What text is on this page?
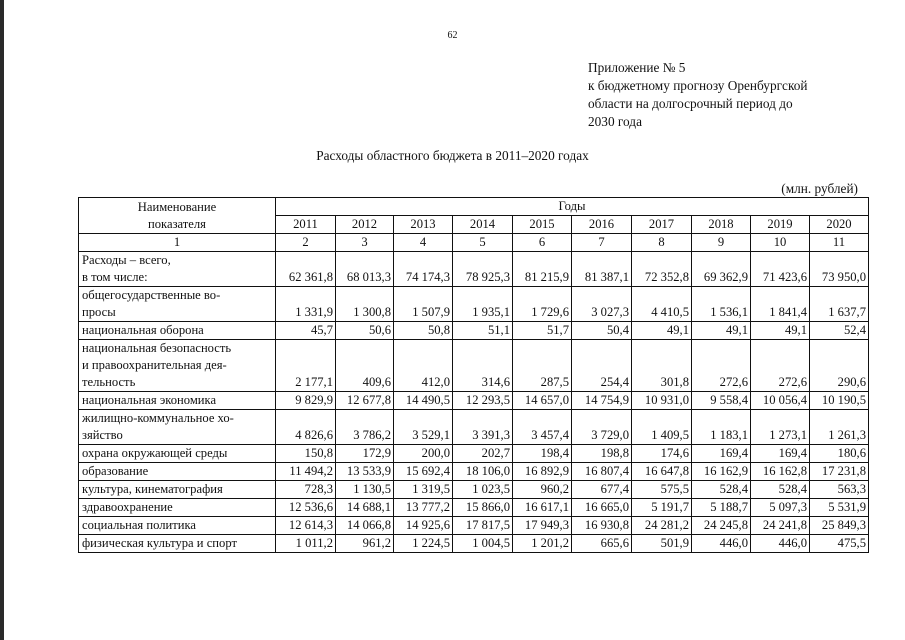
62
Приложение № 5
к бюджетному прогнозу Оренбургской
области на долгосрочный период до
2030 года
Расходы областного бюджета в 2011–2020 годах
(млн. рублей)
Наименование
показателя	Годы									
	2011	2012	2013	2014	2015	2016	2017	2018	2019	2020
1	2	3	4	5	6	7	8	9	10	11

Расходы – всего,
в том числе:	62 361,8	68 013,3	74 174,3	78 925,3	81 215,9	81 387,1	72 352,8	69 362,9	71 423,6	73 950,0

общегосударственные во-
просы	1 331,9	1 300,8	1 507,9	1 935,1	1 729,6	3 027,3	4 410,5	1 536,1	1 841,4	1 637,7

национальная оборона	45,7	50,6	50,8	51,1	51,7	50,4	49,1	49,1	49,1	52,4

национальная безопасность
и правоохранительная дея-
тельность	2 177,1	409,6	412,0	314,6	287,5	254,4	301,8	272,6	272,6	290,6

национальная экономика	9 829,9	12 677,8	14 490,5	12 293,5	14 657,0	14 754,9	10 931,0	9 558,4	10 056,4	10 190,5

жилищно-коммунальное хо-
зяйство	4 826,6	3 786,2	3 529,1	3 391,3	3 457,4	3 729,0	1 409,5	1 183,1	1 273,1	1 261,3

охрана окружающей среды	150,8	172,9	200,0	202,7	198,4	198,8	174,6	169,4	169,4	180,6

образование	11 494,2	13 533,9	15 692,4	18 106,0	16 892,9	16 807,4	16 647,8	16 162,9	16 162,8	17 231,8

культура, кинематография	728,3	1 130,5	1 319,5	1 023,5	960,2	677,4	575,5	528,4	528,4	563,3

здравоохранение	12 536,6	14 688,1	13 777,2	15 866,0	16 617,1	16 665,0	5 191,7	5 188,7	5 097,3	5 531,9

социальная политика	12 614,3	14 066,8	14 925,6	17 817,5	17 949,3	16 930,8	24 281,2	24 245,8	24 241,8	25 849,3

физическая культура и спорт	1 011,2	961,2	1 224,5	1 004,5	1 201,2	665,6	501,9	446,0	446,0	475,5
